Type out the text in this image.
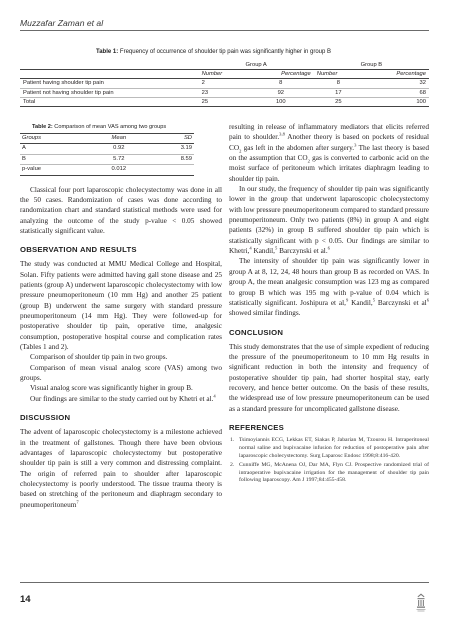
Muzzafar Zaman et al
Table 1: Frequency of occurrence of shoulder tip pain was significantly higher in group B
	Group A		Group B	
	Number	Percentage	Number	Percentage
Patient having shoulder tip pain	2	8	8	32
Patient not having shoulder tip pain	23	92	17	68
Total	25	100	25	100
Table 2: Comparison of mean VAS among two groups
Groups	Mean	SD
A	0.92	3.19
B	5.72	8.59
p-value	0.012	

Classical four port laparoscopic cholecystectomy was done in all the 50 cases. Randomization of cases was done according to randomization chart and standard statistical methods were used for analyzing the outcome of the study p-value < 0.05 showed statistically significant value.

OBSERVATION AND RESULTS

The study was conducted at MMU Medical College and Hospital, Solan. Fifty patients were admitted having gall stone disease and 25 patients (group A) underwent laparoscopic cholecystectomy with low pressure pneumoperitoneum (10 mm Hg) and another 25 patient (group B) underwent the same surgery with standard pressure pneumoperitoneum (14 mm Hg). They were followed-up for postoperative shoulder tip pain, operative time, analgesic consumption, postoperative hospital course and complication rates (Tables 1 and 2).

Comparison of shoulder tip pain in two groups.

Comparison of mean visual analog score (VAS) among two groups.

Visual analog score was significantly higher in group B.

Our findings are similar to the study carried out by Khetri et al.$^4$

DISCUSSION

The advent of laparoscopic cholecystectomy is a milestone achieved in the treatment of gallstones. Though there have been obvious advantages of laparoscopic cholecystectomy but postoperative shoulder tip pain is still a very common and distressing complaint. The origin of referred pain to shoulder after laparoscopic cholecystectomy is poorly understood. The tissue trauma theory is based on stretching of the peritoneum and diaphragm secondary to pneumoperitoneum$^7$

resulting in release of inflammatory mediators that elicits referred pain to shoulder.$^{3,8}$ Another theory is based on pockets of residual $CO_2$ gas left in the abdomen after surgery.$^3$ The last theory is based on the assumption that $CO_2$ gas is converted to carbonic acid on the moist surface of peritoneum which irritates diaphragm leading to shoulder tip pain.

In our study, the frequency of shoulder tip pain was significantly lower in the group that underwent laparoscopic cholecystectomy with low pressure pneumoperitoneum compared to standard pressure pneumoperitoneum. Only two patients (8%) in group A and eight patients (32%) in group B suffered shoulder tip pain which is statistically significant with p < 0.05. Our findings are similar to Khetri,$^4$ Kandil,$^5$ Barczynski et al.$^6$

The intensity of shoulder tip pain was significantly lower in group A at 8, 12, 24, 48 hours than group B as recorded on VAS. In group A, the mean analgesic consumption was 123 mg as compared to group B which was 195 mg with p-value of 0.04 which is statistically significant. Joshipura et al,$^9$ Kandil,$^5$ Barczynski et $al^6$ showed similar findings.

CONCLUSION

This study demonstrates that the use of simple expedient of reducing the pressure of the pneumoperitoneum to 10 mm Hg results in significant reduction in both the intensity and frequency of postoperative shoulder tip pain, had shorter hospital stay, early recovery, and hence better outcome. On the basis of these results, the widespread use of low pressure pneumoperitoneum can be used as a standard pressure for uncomplicated gallstone disease.

REFERENCES
1. Tsimoyiannis ECG, Lekkas ET, Siakas P, Jabarian M, Tzourou H. Intraperitoneal normal saline and bupivacaine infusion for reduction of postoperative pain after laparoscopic cholecystectomy. Surg Laparosc Endosc 1998;8:416-420.
2. Cunniffe MG, McAnena OJ, Dar MA, Flyn CJ. Prospective randomized trial of intraoperative bupivacaine irrigation for the management of shoulder tip pain following laparoscopy. Am J 1997;84:455-458.
14
